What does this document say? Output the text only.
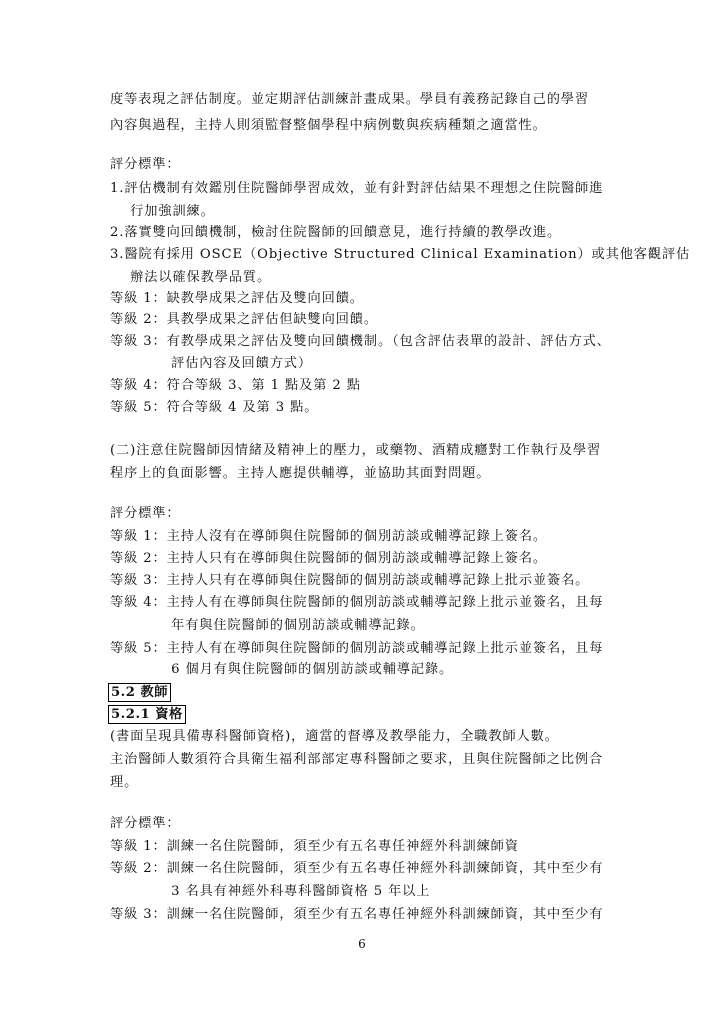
度等表現之評估制度。並定期評估訓練計畫成果。學員有義務記錄自己的學習
內容與過程，主持人則須監督整個學程中病例數與疾病種類之適當性。
評分標準：
1.評估機制有效鑑別住院醫師學習成效，並有針對評估結果不理想之住院醫師進
行加強訓練。
2.落實雙向回饋機制，檢討住院醫師的回饋意見，進行持續的教學改進。
3.醫院有採用 OSCE（Objective Structured Clinical Examination）或其他客觀評估
辦法以確保教學品質。
等級 1：缺教學成果之評估及雙向回饋。
等級 2：具教學成果之評估但缺雙向回饋。
等級 3：有教學成果之評估及雙向回饋機制。（包含評估表單的設計、評估方式、
評估內容及回饋方式）
等級 4：符合等級 3、第 1 點及第 2 點
等級 5：符合等級 4 及第 3 點。
(二)注意住院醫師因情緒及精神上的壓力，或藥物、酒精成癮對工作執行及學習
程序上的負面影響。主持人應提供輔導，並協助其面對問題。
評分標準：
等級 1：主持人沒有在導師與住院醫師的個別訪談或輔導記錄上簽名。
等級 2：主持人只有在導師與住院醫師的個別訪談或輔導記錄上簽名。
等級 3：主持人只有在導師與住院醫師的個別訪談或輔導記錄上批示並簽名。
等級 4：主持人有在導師與住院醫師的個別訪談或輔導記錄上批示並簽名，且每
年有與住院醫師的個別訪談或輔導記錄。
等級 5：主持人有在導師與住院醫師的個別訪談或輔導記錄上批示並簽名，且每
6 個月有與住院醫師的個別訪談或輔導記錄。
5.2 教師
5.2.1 資格
(書面呈現具備專科醫師資格)，適當的督導及教學能力，全職教師人數。
主治醫師人數須符合具衛生福利部部定專科醫師之要求，且與住院醫師之比例合
理。
評分標準：
等級 1：訓練一名住院醫師，須至少有五名專任神經外科訓練師資
等級 2：訓練一名住院醫師，須至少有五名專任神經外科訓練師資，其中至少有
3 名具有神經外科專科醫師資格 5 年以上
等級 3：訓練一名住院醫師，須至少有五名專任神經外科訓練師資，其中至少有
6
